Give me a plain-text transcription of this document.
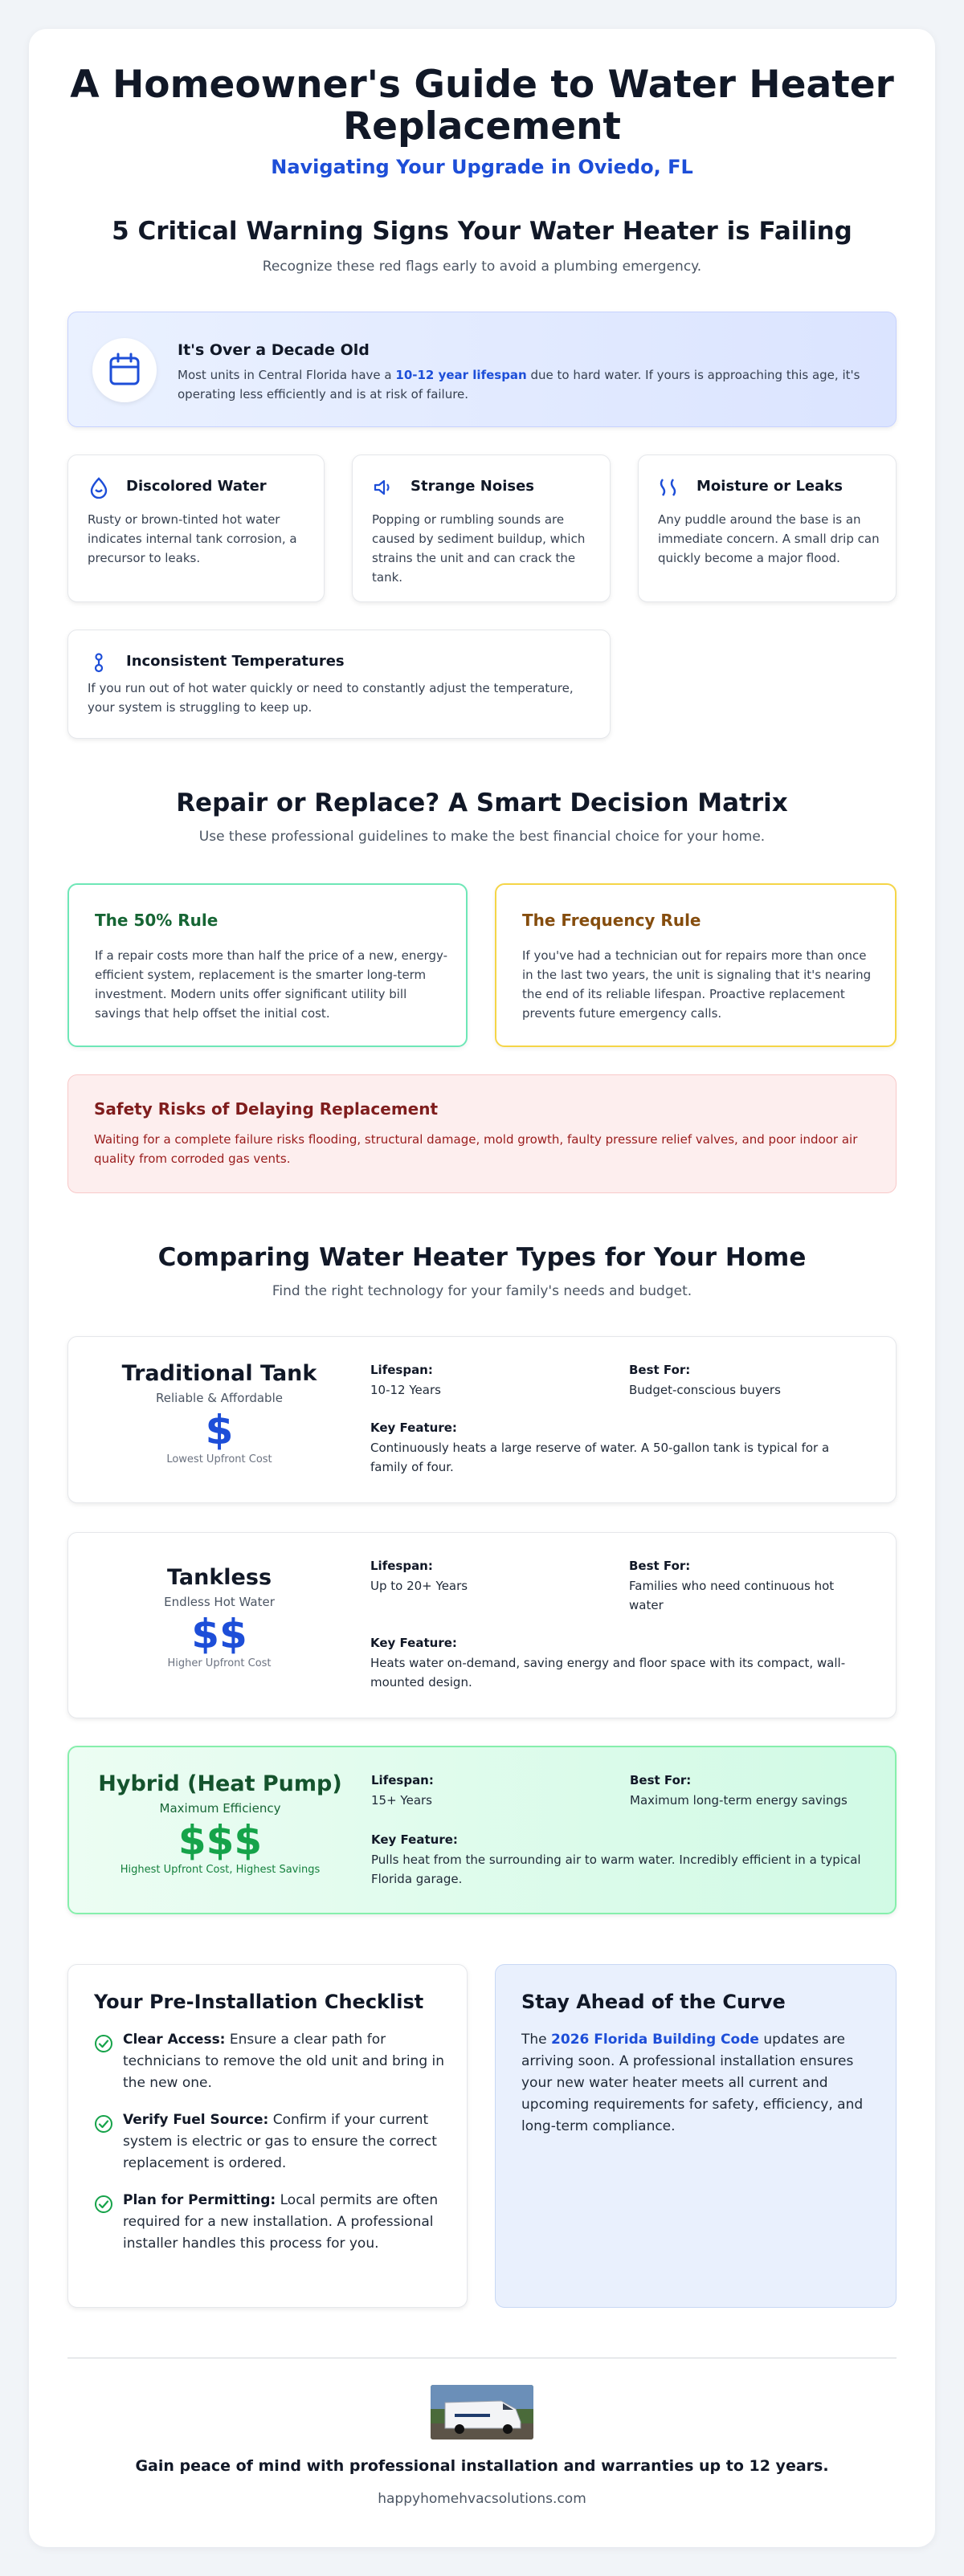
A Homeowner's Guide to Water Heater Replacement
Navigating Your Upgrade in Oviedo, FL
5 Critical Warning Signs Your Water Heater is Failing
Recognize these red flags early to avoid a plumbing emergency.
It's Over a Decade Old
Most units in Central Florida have a 10-12 year lifespan due to hard water. If yours is approaching this age, it's operating less efficiently and is at risk of failure.
Discolored Water
Rusty or brown-tinted hot water indicates internal tank corrosion, a precursor to leaks.
Strange Noises
Popping or rumbling sounds are caused by sediment buildup, which strains the unit and can crack the tank.
Moisture or Leaks
Any puddle around the base is an immediate concern. A small drip can quickly become a major flood.
Inconsistent Temperatures
If you run out of hot water quickly or need to constantly adjust the temperature, your system is struggling to keep up.
Repair or Replace? A Smart Decision Matrix
Use these professional guidelines to make the best financial choice for your home.
The 50% Rule
If a repair costs more than half the price of a new, energy-efficient system, replacement is the smarter long-term investment. Modern units offer significant utility bill savings that help offset the initial cost.
The Frequency Rule
If you've had a technician out for repairs more than once in the last two years, the unit is signaling that it's nearing the end of its reliable lifespan. Proactive replacement prevents future emergency calls.
Safety Risks of Delaying Replacement
Waiting for a complete failure risks flooding, structural damage, mold growth, faulty pressure relief valves, and poor indoor air quality from corroded gas vents.
Comparing Water Heater Types for Your Home
Find the right technology for your family's needs and budget.
Traditional Tank
Reliable & Affordable
$
Lowest Upfront Cost
Lifespan:
10-12 Years
Best For:
Budget-conscious buyers
Key Feature:
Continuously heats a large reserve of water. A 50-gallon tank is typical for a family of four.
Tankless
Endless Hot Water
$$
Higher Upfront Cost
Lifespan:
Up to 20+ Years
Best For:
Families who need continuous hot water
Key Feature:
Heats water on-demand, saving energy and floor space with its compact, wall-mounted design.
Hybrid (Heat Pump)
Maximum Efficiency
$$$
Highest Upfront Cost, Highest Savings
Lifespan:
15+ Years
Best For:
Maximum long-term energy savings
Key Feature:
Pulls heat from the surrounding air to warm water. Incredibly efficient in a typical Florida garage.
Your Pre-Installation Checklist
Clear Access: Ensure a clear path for technicians to remove the old unit and bring in the new one.
Verify Fuel Source: Confirm if your current system is electric or gas to ensure the correct replacement is ordered.
Plan for Permitting: Local permits are often required for a new installation. A professional installer handles this process for you.
Stay Ahead of the Curve
The 2026 Florida Building Code updates are arriving soon. A professional installation ensures your new water heater meets all current and upcoming requirements for safety, efficiency, and long-term compliance.
Gain peace of mind with professional installation and warranties up to 12 years.
happyhomehvacsolutions.com
